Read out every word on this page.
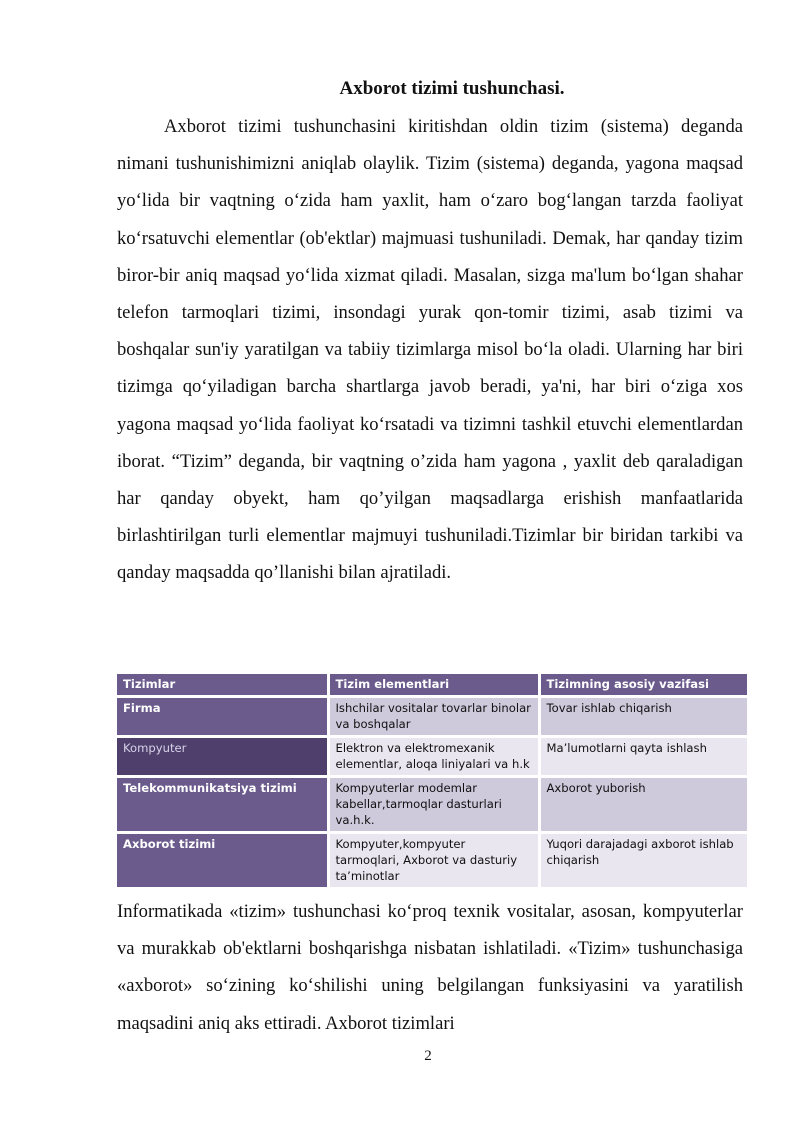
Axborot tizimi tushunchasi.

Axborot tizimi tushunchasini kiritishdan oldin tizim (sistema) deganda nimani tushunishimizni aniqlab olaylik. Tizim (sistema) deganda, yagona maqsad yo‘lida bir vaqtning o‘zida ham yaxlit, ham o‘zaro bog‘langan tarzda faoliyat ko‘rsatuvchi elementlar (ob'ektlar) majmuasi tushuniladi. Demak, har qanday tizim biror-bir aniq maqsad yo‘lida xizmat qiladi. Masalan, sizga ma'lum bo‘lgan shahar telefon tarmoqlari tizimi, insondagi yurak qon-tomir tizimi, asab tizimi va boshqalar sun'iy yaratilgan va tabiiy tizimlarga misol bo‘la oladi. Ularning har biri tizimga qo‘yiladigan barcha shartlarga javob beradi, ya'ni, har biri o‘ziga xos yagona maqsad yo‘lida faoliyat ko‘rsatadi va tizimni tashkil etuvchi elementlardan iborat. “Tizim” deganda, bir vaqtning o’zida ham yagona , yaxlit deb qaraladigan har qanday obyekt, ham qo’yilgan maqsadlarga erishish manfaatlarida birlashtirilgan turli elementlar majmuyi tushuniladi.Tizimlar bir biridan tarkibi va qanday maqsadda qo’llanishi bilan ajratiladi.

Tizimlar	Tizim elementlari	Tizimning asosiy vazifasi
Firma	Ishchilar vositalar tovarlar binolar va boshqalar	Tovar ishlab chiqarish
Kompyuter	Elektron va elektromexanik elementlar, aloqa liniyalari va h.k	Ma’lumotlarni qayta ishlash
Telekommunikatsiya tizimi	Kompyuterlar modemlar kabellar,tarmoqlar dasturlari va.h.k.	Axborot yuborish
Axborot tizimi	Kompyuter,kompyuter tarmoqlari, Axborot va dasturiy ta’minotlar	Yuqori darajadagi axborot ishlab chiqarish

Informatikada «tizim» tushunchasi ko‘proq texnik vositalar, asosan, kompyuterlar va murakkab ob'ektlarni boshqarishga nisbatan ishlatiladi. «Tizim» tushunchasiga «axborot» so‘zining ko‘shilishi uning belgilangan funksiyasini va yaratilish maqsadini aniq aks ettiradi. Axborot tizimlari

2
